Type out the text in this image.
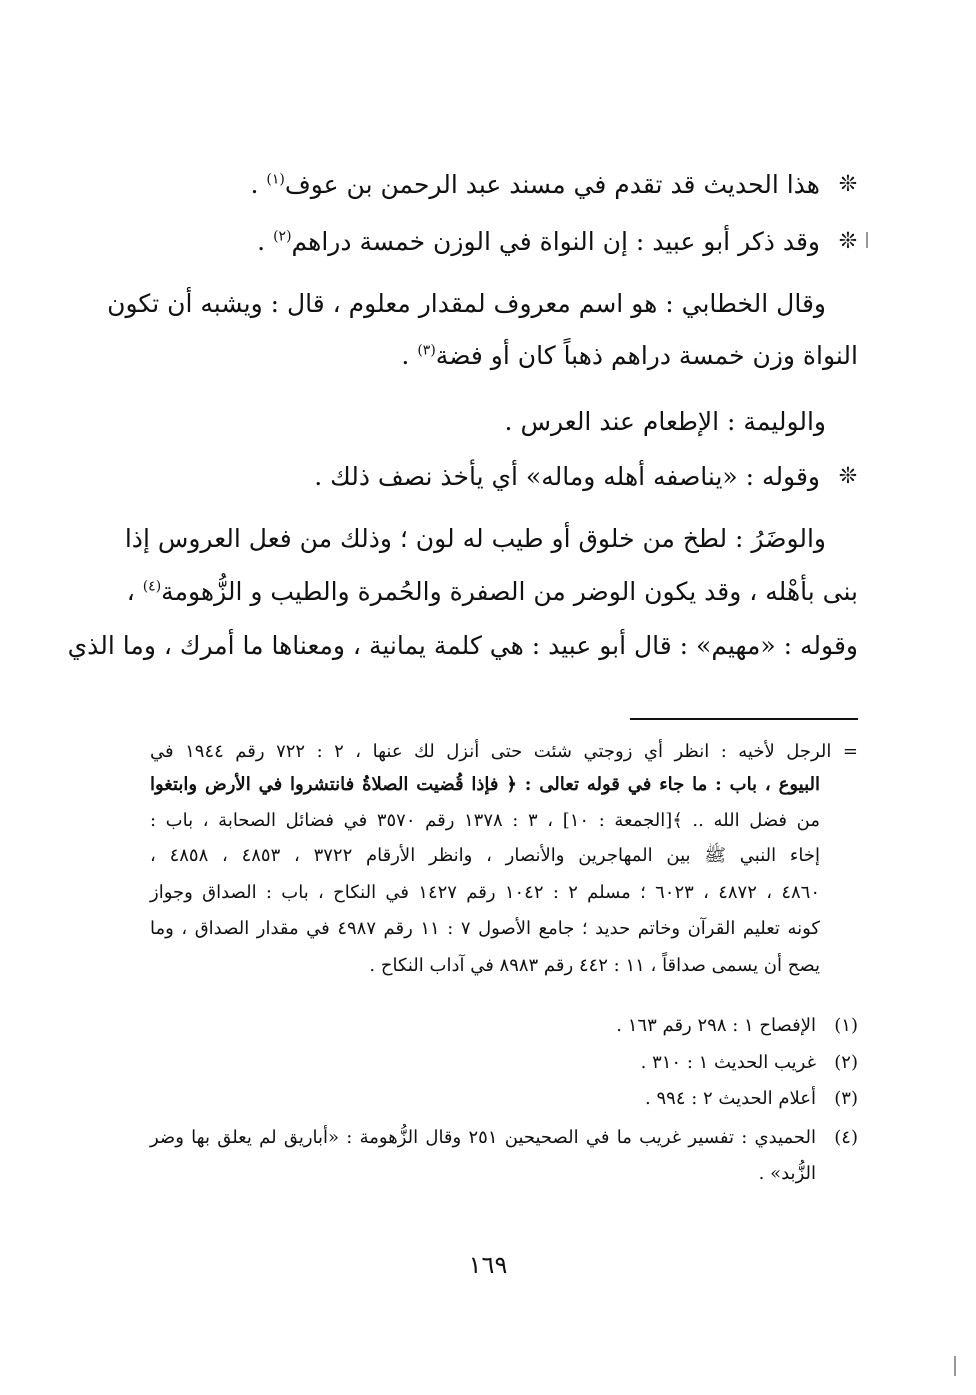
❊
هذا الحديث قد تقدم في مسند عبد الرحمن بن عوف$^{(١)}$ .
❊
وقد ذكر أبو عبيد : إن النواة في الوزن خمسة دراهم$^{(٢)}$ .
وقال الخطابي : هو اسم معروف لمقدار معلوم ، قال : ويشبه أن تكون
النواة وزن خمسة دراهم ذهباً كان أو فضة$^{(٣)}$ .
والوليمة : الإطعام عند العرس .
❊
وقوله : «يناصفه أهله وماله» أي يأخذ نصف ذلك .
والوضَرُ : لطخ من خلوق أو طيب له لون ؛ وذلك من فعل العروس إذا
بنى بأهْله ، وقد يكون الوضر من الصفرة والحُمرة والطيب و الزُّهومة$^{(٤)}$ ،
وقوله : «مهيم» : قال أبو عبيد : هي كلمة يمانية ، ومعناها ما أمرك ، وما الذي
= الرجل لأخيه : انظر أي زوجتي شئت حتى أنزل لك عنها ، ٢ : ٧٢٢ رقم ١٩٤٤ في
البيوع ، باب : ما جاء في قوله تعالى : ﴿ فإذا قُضيت الصلاةُ فانتشروا في الأرض وابتغوا
من فضل الله .. ﴾[الجمعة : ١٠] ، ٣ : ١٣٧٨ رقم ٣٥٧٠ في فضائل الصحابة ، باب :
إخاء النبي ﷺ بين المهاجرين والأنصار ، وانظر الأرقام ٣٧٢٢ ، ٤٨٥٣ ، ٤٨٥٨ ،
٤٨٦٠ ، ٤٨٧٢ ، ٦٠٢٣ ؛ مسلم ٢ : ١٠٤٢ رقم ١٤٢٧ في النكاح ، باب : الصداق وجواز
كونه تعليم القرآن وخاتم حديد ؛ جامع الأصول ٧ : ١١ رقم ٤٩٨٧ في مقدار الصداق ، وما
يصح أن يسمى صداقاً ، ١١ : ٤٤٢ رقم ٨٩٨٣ في آداب النكاح .
(١)
الإفصاح ١ : ٢٩٨ رقم ١٦٣ .
(٢)
غريب الحديث ١ : ٣١٠ .
(٣)
أعلام الحديث ٢ : ٩٩٤ .
(٤)
الحميدي : تفسير غريب ما في الصحيحين ٢٥١ وقال الزُّهومة : «أباريق لم يعلق بها وضر
الزُّبد» .
١٦٩
